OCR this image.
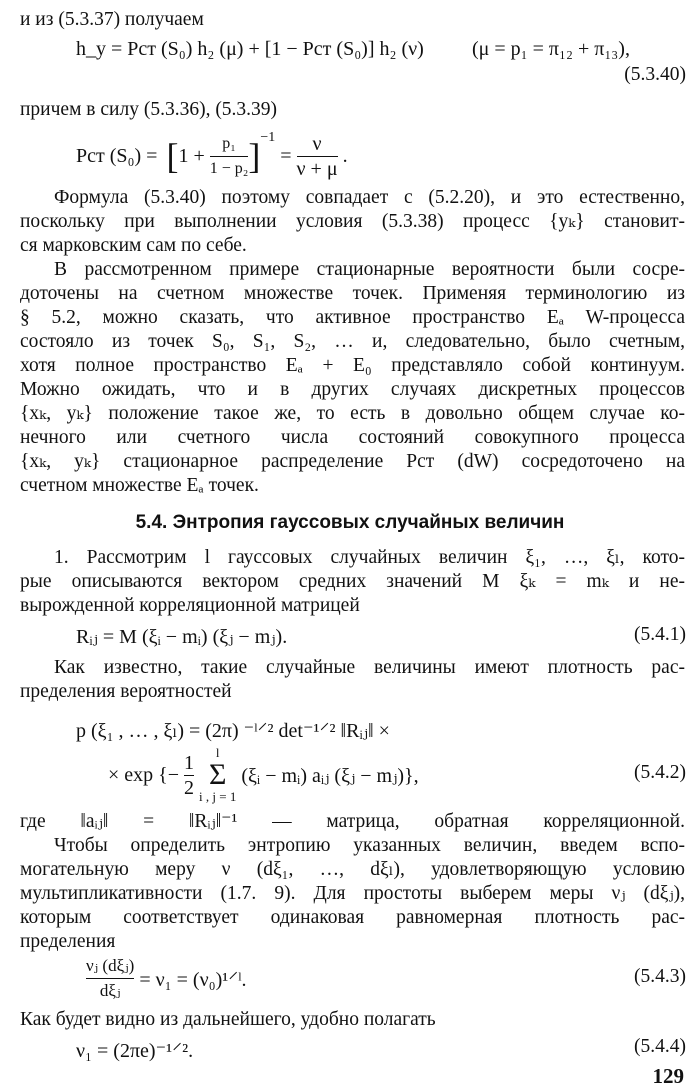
и из (5.3.37) получаем
h_y = Pст (S₀) h₂ (μ) + [1 − Pст (S₀)] h₂ (ν) (μ = p₁ = π₁₂ + π₁₃),
(5.3.40)
причем в силу (5.3.36), (5.3.39)
Pст (S₀) = [ 1 +
$\frac{\text{p₁}}{\text{1 − p₂}} ]^{-1}$

=
$\frac{\nu}{\nu + \mu}$ .
Формула (5.3.40) поэтому совпадает с (5.2.20), и это естественно,
поскольку при выполнении условия (5.3.38) процесс {yₖ} становит-
ся марковским сам по себе.
В рассмотренном примере стационарные вероятности были сосре-
доточены на счетном множестве точек. Применяя терминологию из
§ 5.2, можно сказать, что активное пространство Eₐ W-процесса
состояло из точек S₀, S₁, S₂, … и, следовательно, было счетным,
хотя полное пространство Eₐ + E₀ представляло собой континуум.
Можно ожидать, что и в других случаях дискретных процессов
{xₖ, yₖ} положение такое же, то есть в довольно общем случае ко-
нечного или счетного числа состояний совокупного процесса
{xₖ, yₖ} стационарное распределение Pст (dW) сосредоточено на
счетном множестве Eₐ точек.
5.4. Энтропия гауссовых случайных величин
1. Рассмотрим l гауссовых случайных величин ξ₁, …, ξₗ, кото-
рые описываются вектором средних значений M ξₖ = mₖ и не-
вырожденной корреляционной матрицей
Rᵢⱼ = M (ξᵢ − mᵢ) (ξⱼ − mⱼ).	(5.4.1)
Как известно, такие случайные величины имеют плотность рас-
пределения вероятностей
p (ξ₁ , … , ξₗ) = (2π) ⁻ˡ⸍² det⁻¹⸍² ‖Rᵢⱼ‖ ×
× exp {−
$\frac{1}{2}$
	l
Σ
i , j = 1

(ξᵢ − mᵢ) aᵢⱼ (ξⱼ − mⱼ)},	(5.4.2)
где ‖aᵢⱼ‖ = ‖Rᵢⱼ‖⁻¹ — матрица, обратная корреляционной.
Чтобы определить энтропию указанных величин, введем вспо-
могательную меру ν (dξ₁, …, dξₗ), удовлетворяющую условию
мультипликативности (1.7. 9). Для простоты выберем меры νⱼ (dξⱼ),
которым соответствует одинаковая равномерная плотность рас-
пределения
$\frac{\text{νⱼ (dξⱼ)}}{\text{dξⱼ}}$
= ν₁ = (ν₀)¹⸍ˡ.	(5.4.3)
Как будет видно из дальнейшего, удобно полагать
ν₁ = (2πe)⁻¹⸍².	(5.4.4)
129
